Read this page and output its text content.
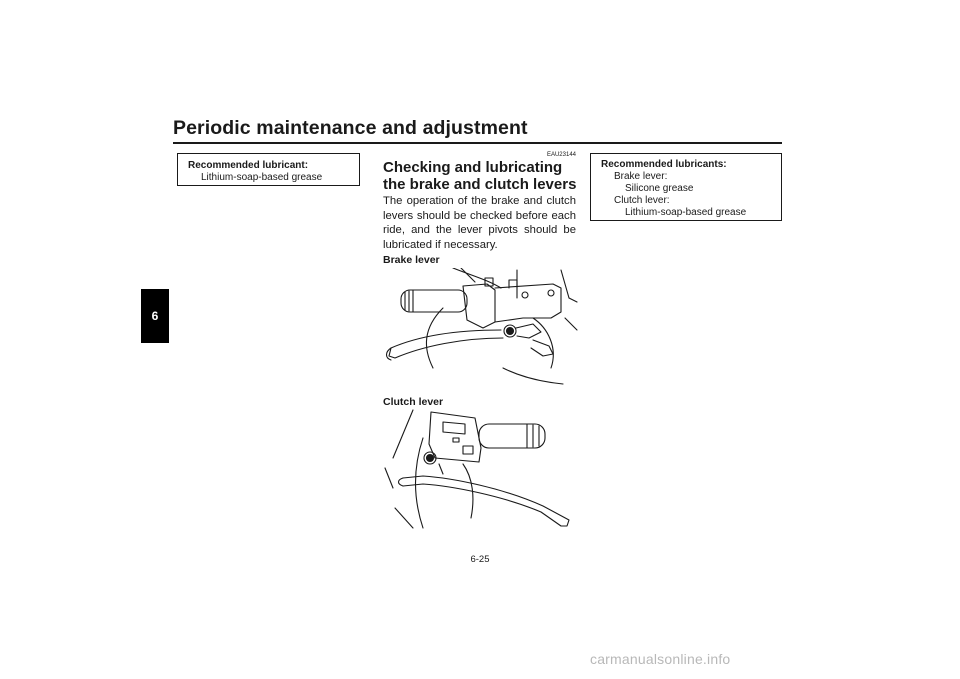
Periodic maintenance and adjustment
6
Recommended lubricant:
Lithium-soap-based grease
EAU23144
Checking and lubricating the brake and clutch levers
The operation of the brake and clutch levers should be checked before each ride, and the lever pivots should be lubricated if necessary.
Brake lever
Clutch lever
Recommended lubricants:
Brake lever:
Silicone grease
Clutch lever:
Lithium-soap-based grease
6-25
carmanualsonline.info
